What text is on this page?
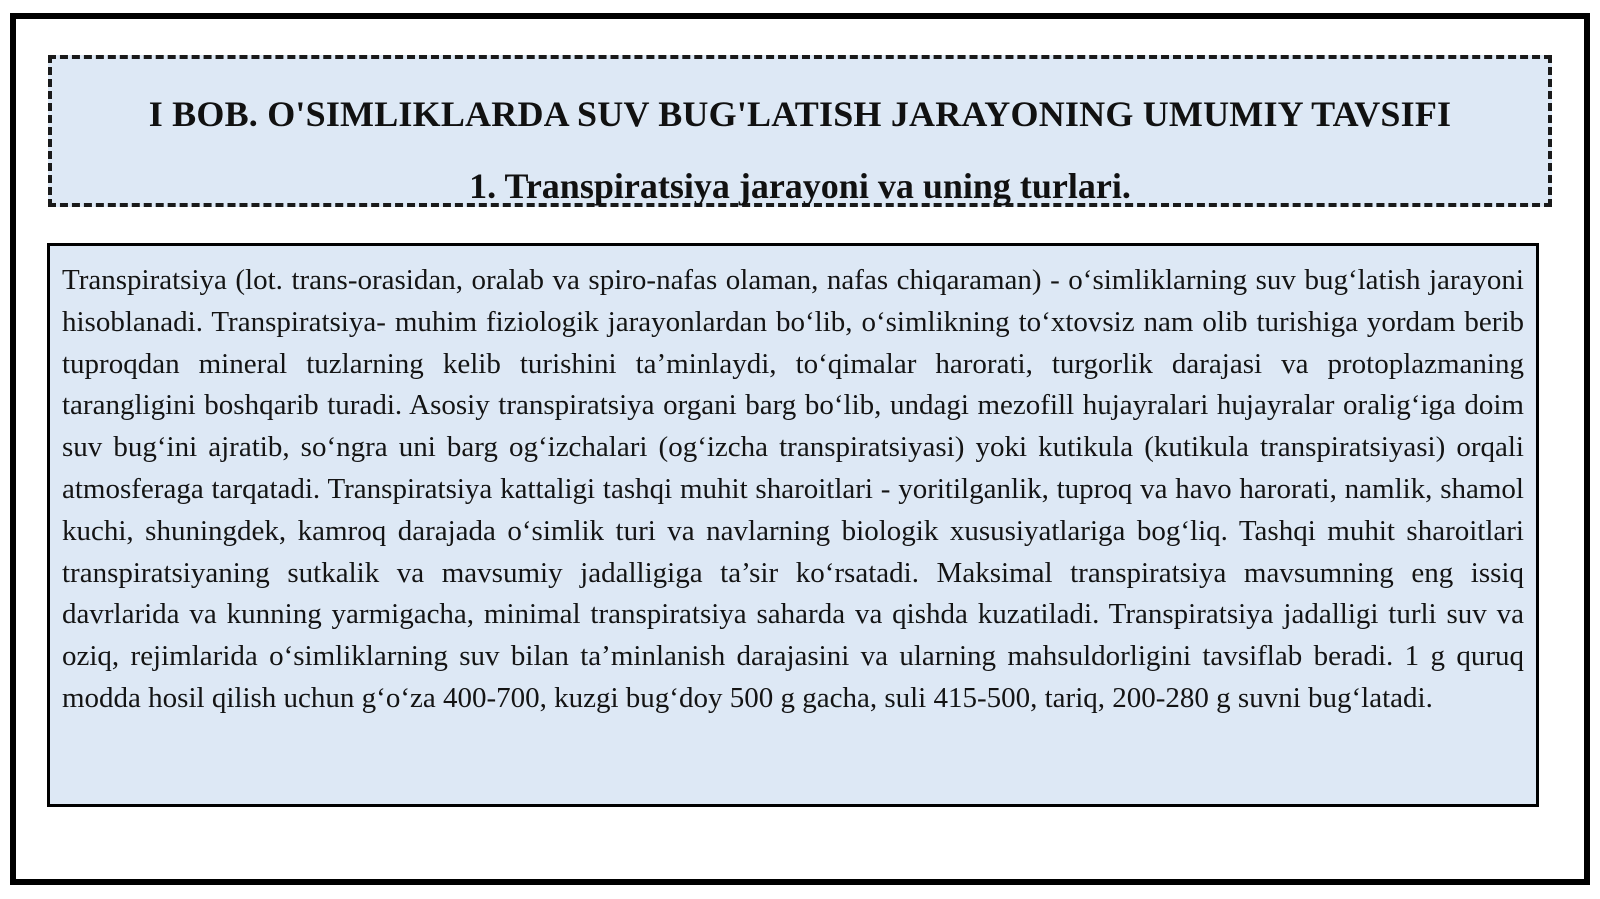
I BOB. O'SIMLIKLARDA SUV BUG'LATISH JARAYONING UMUMIY TAVSIFI
1. Transpiratsiya jarayoni va uning turlari.

Transpiratsiya (lot. trans-orasidan, oralab va spiro-nafas olaman, nafas chiqaraman) - o‘simliklarning suv bug‘latish jarayoni hisoblanadi. Transpiratsiya- muhim fiziologik jarayonlardan bo‘lib, o‘simlikning to‘xtovsiz nam olib turishiga yordam berib tuproqdan mineral tuzlarning kelib turishini ta’minlaydi, to‘qimalar harorati, turgorlik darajasi va protoplazmaning tarangligini boshqarib turadi. Asosiy transpiratsiya organi barg bo‘lib, undagi mezofill hujayralari hujayralar oralig‘iga doim suv bug‘ini ajratib, so‘ngra uni barg og‘izchalari (og‘izcha transpiratsiyasi) yoki kutikula (kutikula transpiratsiyasi) orqali atmosferaga tarqatadi. Transpiratsiya kattaligi tashqi muhit sharoitlari - yoritilganlik, tuproq va havo harorati, namlik, shamol kuchi, shuningdek, kamroq darajada o‘simlik turi va navlarning biologik xususiyatlariga bog‘liq. Tashqi muhit sharoitlari transpiratsiyaning sutkalik va mavsumiy jadalligiga ta’sir ko‘rsatadi. Maksimal transpiratsiya mavsumning eng issiq davrlarida va kunning yarmigacha, minimal transpiratsiya saharda va qishda kuzatiladi. Transpiratsiya jadalligi turli suv va oziq, rejimlarida o‘simliklarning suv bilan ta’minlanish darajasini va ularning mahsuldorligini tavsiflab beradi. 1 g quruq modda hosil qilish uchun g‘o‘za 400-700, kuzgi bug‘doy 500 g gacha, suli 415-500, tariq, 200-280 g suvni bug‘latadi.
